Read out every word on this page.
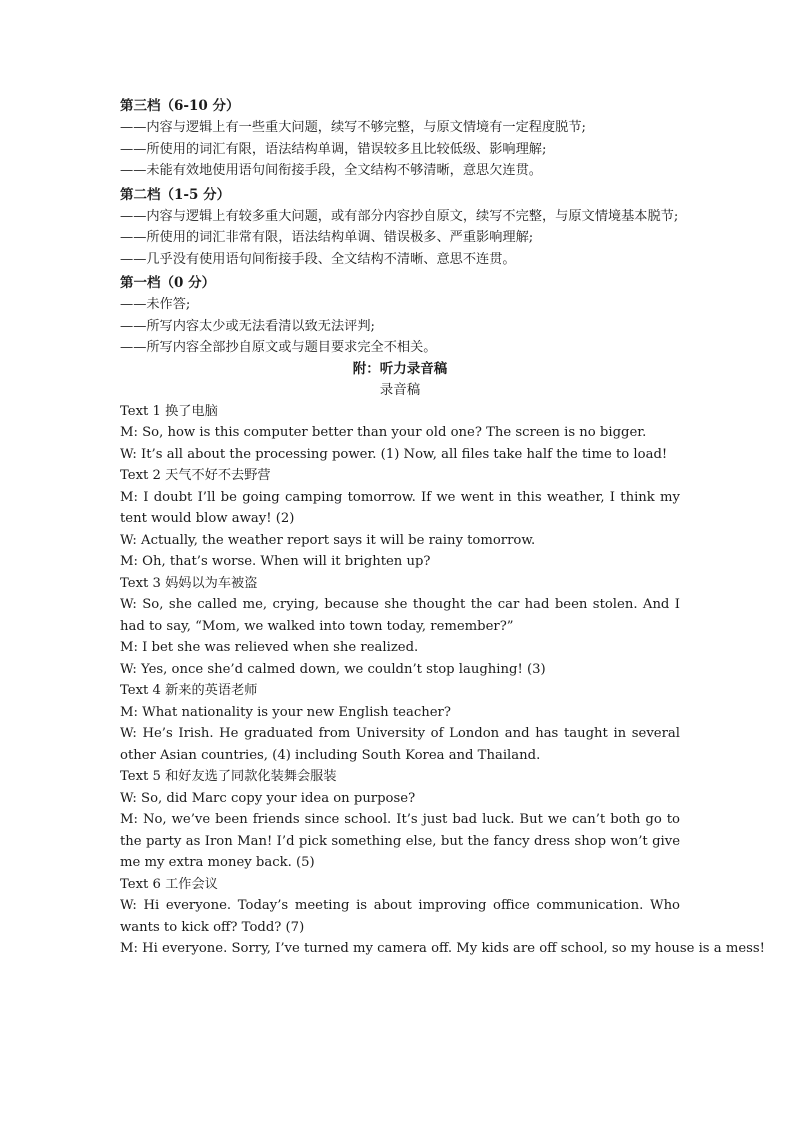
第三档（6-10 分）

——内容与逻辑上有一些重大问题，续写不够完整，与原文情境有一定程度脱节;

——所使用的词汇有限，语法结构单调，错误较多且比较低级、影响理解;

——未能有效地使用语句间衔接手段，全文结构不够清晰，意思欠连贯。

第二档（1-5 分）

——内容与逻辑上有较多重大问题，或有部分内容抄自原文，续写不完整，与原文情境基本脱节;

——所使用的词汇非常有限，语法结构单调、错误极多、严重影响理解;

——几乎没有使用语句间衔接手段、全文结构不清晰、意思不连贯。

第一档（0 分）

——未作答;

——所写内容太少或无法看清以致无法评判;

——所写内容全部抄自原文或与题目要求完全不相关。

附：听力录音稿
录音稿

Text 1 换了电脑

M: So, how is this computer better than your old one? The screen is no bigger.

W: It’s all about the processing power. (1) Now, all files take half the time to load!

Text 2 天气不好不去野营

M: I doubt I’ll be going camping tomorrow. If we went in this weather, I think my tent would blow away! (2)

W: Actually, the weather report says it will be rainy tomorrow.

M: Oh, that’s worse. When will it brighten up?

Text 3 妈妈以为车被盗

W: So, she called me, crying, because she thought the car had been stolen. And I had to say, “Mom, we walked into town today, remember?”

M: I bet she was relieved when she realized.

W: Yes, once she’d calmed down, we couldn’t stop laughing! (3)

Text 4 新来的英语老师

M: What nationality is your new English teacher?

W: He’s Irish. He graduated from University of London and has taught in several other Asian countries, (4) including South Korea and Thailand.

Text 5 和好友选了同款化装舞会服装

W: So, did Marc copy your idea on purpose?

M: No, we’ve been friends since school. It’s just bad luck. But we can’t both go to the party as Iron Man! I’d pick something else, but the fancy dress shop won’t give me my extra money back. (5)

Text 6 工作会议

W: Hi everyone. Today’s meeting is about improving office communication. Who wants to kick off? Todd? (7)

M: Hi everyone. Sorry, I’ve turned my camera off. My kids are off school, so my house is a mess!
